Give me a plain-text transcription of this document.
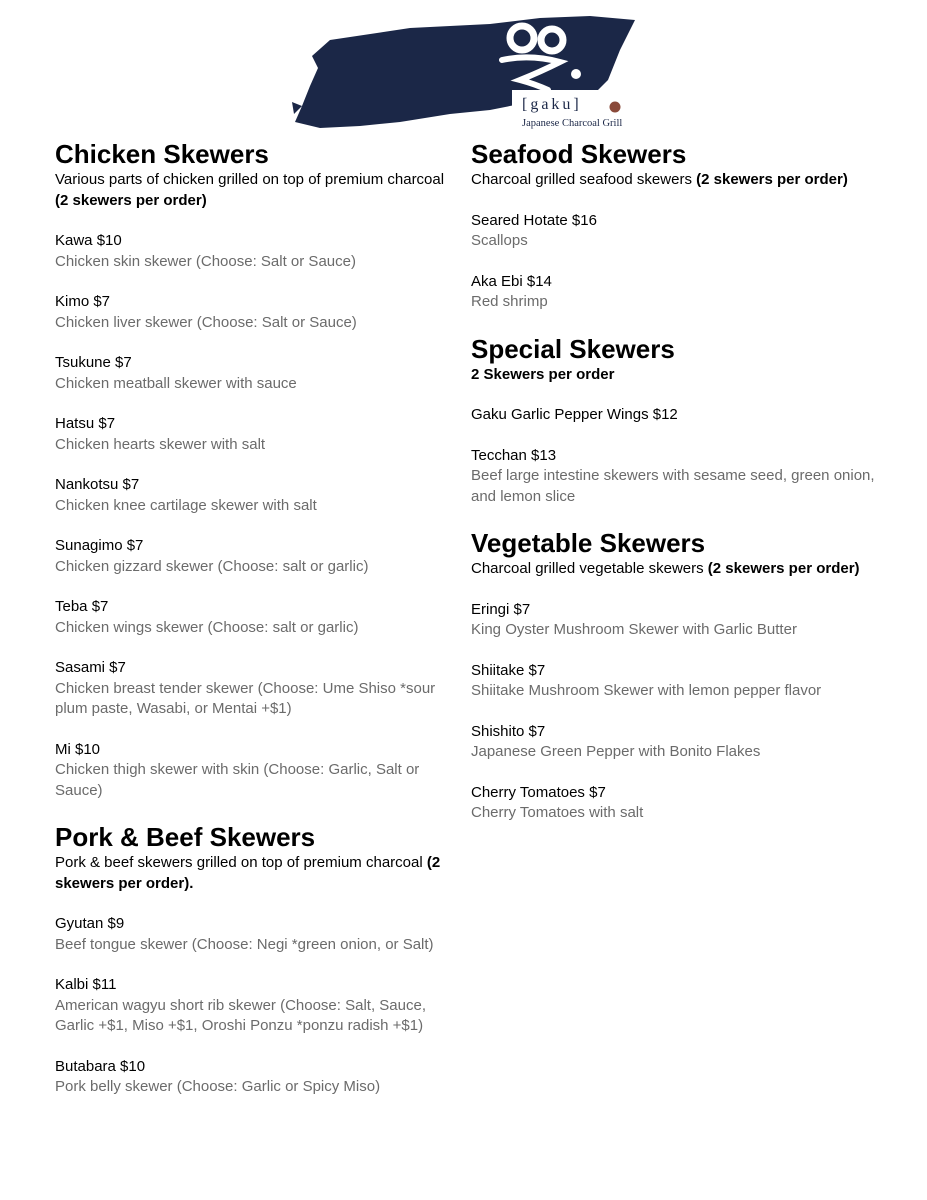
[gaku]
Japanese Charcoal Grill
Chicken Skewers
Various parts of chicken grilled on top of premium charcoal (2 skewers per order)
Kawa $10
Chicken skin skewer (Choose: Salt or Sauce)
Kimo $7
Chicken liver skewer (Choose: Salt or Sauce)
Tsukune $7
Chicken meatball skewer with sauce
Hatsu $7
Chicken hearts skewer with salt
Nankotsu $7
Chicken knee cartilage skewer with salt
Sunagimo $7
Chicken gizzard skewer (Choose: salt or garlic)
Teba $7
Chicken wings skewer (Choose: salt or garlic)
Sasami $7
Chicken breast tender skewer (Choose: Ume Shiso *sour plum paste, Wasabi, or Mentai +$1)
Mi $10
Chicken thigh skewer with skin (Choose: Garlic, Salt or Sauce)
Pork & Beef Skewers
Pork & beef skewers grilled on top of premium charcoal (2 skewers per order).
Gyutan $9
Beef tongue skewer (Choose: Negi *green onion, or Salt)
Kalbi $11
American wagyu short rib skewer (Choose: Salt, Sauce, Garlic +$1, Miso +$1, Oroshi Ponzu *ponzu radish +$1)
Butabara $10
Pork belly skewer (Choose: Garlic or Spicy Miso)
Seafood Skewers
Charcoal grilled seafood skewers (2 skewers per order)
Seared Hotate $16
Scallops
Aka Ebi $14
Red shrimp
Special Skewers
2 Skewers per order
Gaku Garlic Pepper Wings $12
Tecchan $13
Beef large intestine skewers with sesame seed, green onion, and lemon slice
Vegetable Skewers
Charcoal grilled vegetable skewers (2 skewers per order)
Eringi $7
King Oyster Mushroom Skewer with Garlic Butter
Shiitake $7
Shiitake Mushroom Skewer with lemon pepper flavor
Shishito $7
Japanese Green Pepper with Bonito Flakes
Cherry Tomatoes $7
Cherry Tomatoes with salt
